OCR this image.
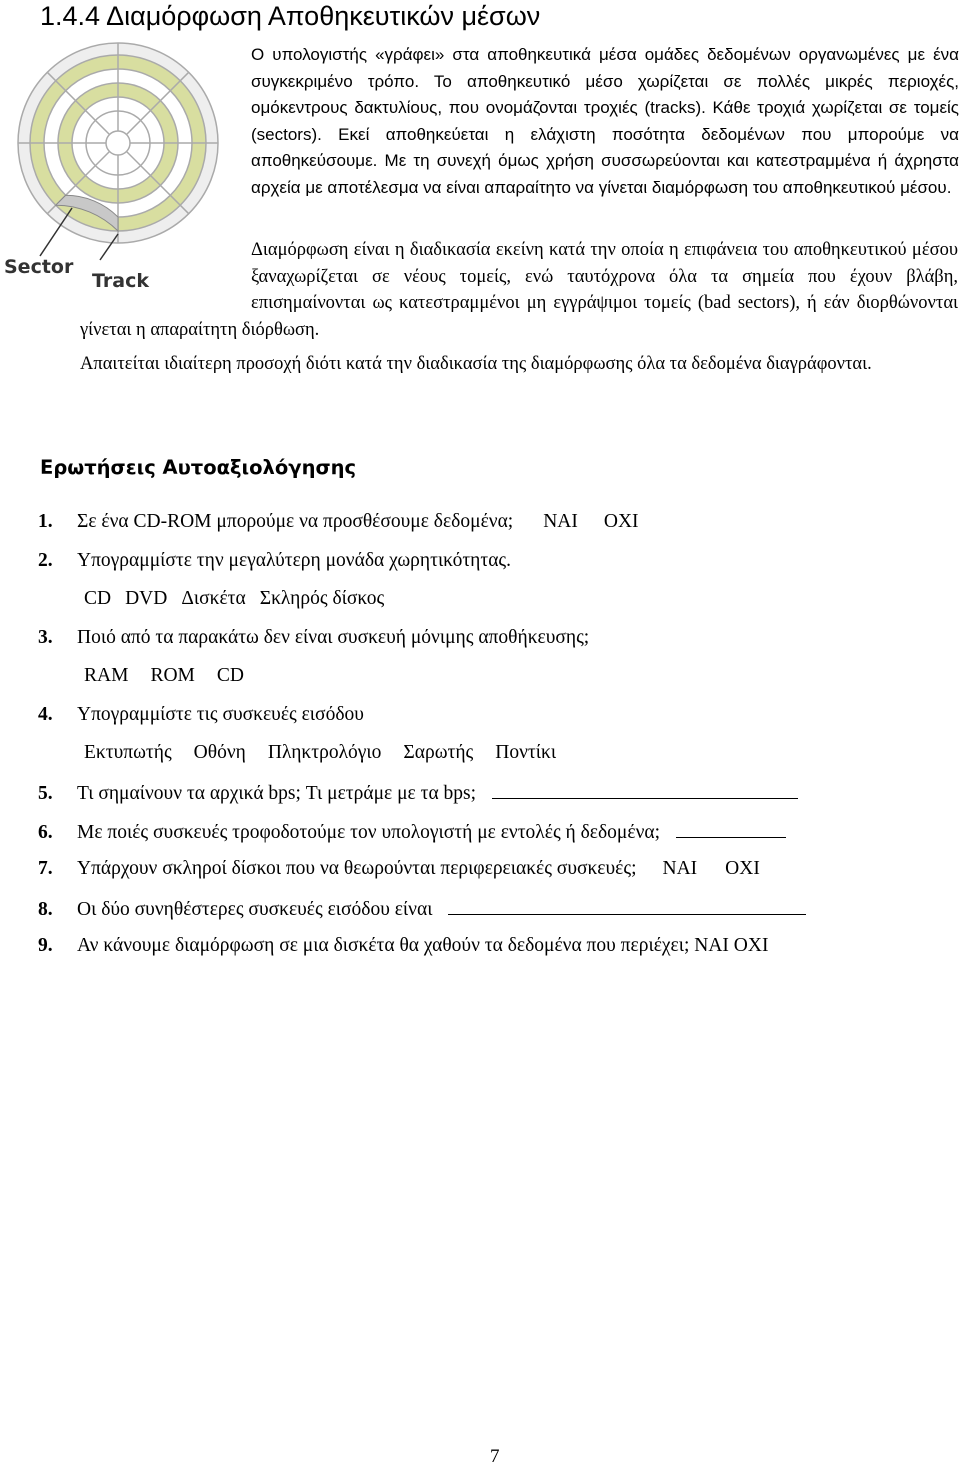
1.4.4 Διαμόρφωση Αποθηκευτικών μέσων
Sector
Track

Ο υπολογιστής «γράφει» στα αποθηκευτικά μέσα ομάδες δεδομένων οργανωμένες με ένα συγκεκριμένο τρόπο. Το αποθηκευτικό μέσο χωρίζεται σε πολλές μικρές περιοχές, ομόκεντρους δακτυλίους, που ονομάζονται τροχιές (tracks). Κάθε τροχιά χωρίζεται σε τομείς (sectors). Εκεί αποθηκεύεται η ελάχιστη ποσότητα δεδομένων που μπορούμε να αποθηκεύσουμε. Με τη συνεχή όμως χρήση συσσωρεύονται και κατεστραμμένα ή άχρηστα αρχεία με αποτέλεσμα να είναι απαραίτητο να γίνεται διαμόρφωση του αποθηκευτικού μέσου.

Διαμόρφωση είναι η διαδικασία εκείνη κατά την οποία η επιφάνεια του αποθηκευτικού μέσου ξαναχωρίζεται σε νέους τομείς, ενώ ταυτόχρονα όλα τα σημεία που έχουν βλάβη, επισημαίνονται ως κατεστραμμένοι μη εγγράψιμοι τομείς (bad sectors), ή εάν διορθώνονται γίνεται η απαραίτητη διόρθωση.

Απαιτείται ιδιαίτερη προσοχή διότι κατά την διαδικασία της διαμόρφωσης όλα τα δεδομένα διαγράφονται.

Ερωτήσεις Αυτοαξιολόγησης
1. Σε ένα CD-ROM μπορούμε να προσθέσουμε δεδομένα; ΝΑΙ ΟΧΙ
2. Υπογραμμίστε την μεγαλύτερη μονάδα χωρητικότητας.
CD DVD Δισκέτα Σκληρός δίσκος
3. Ποιό από τα παρακάτω δεν είναι συσκευή μόνιμης αποθήκευσης;
RAM ROM CD
4. Υπογραμμίστε τις συσκευές εισόδου
Εκτυπωτής Οθόνη Πληκτρολόγιο Σαρωτής Ποντίκι
5. Τι σημαίνουν τα αρχικά bps; Τι μετράμε με τα bps;
6. Με ποιές συσκευές τροφοδοτούμε τον υπολογιστή με εντολές ή δεδομένα;
7. Υπάρχουν σκληροί δίσκοι που να θεωρούνται περιφερειακές συσκευές; ΝΑΙ ΟΧΙ
8. Οι δύο συνηθέστερες συσκευές εισόδου είναι
9. Αν κάνουμε διαμόρφωση σε μια δισκέτα θα χαθούν τα δεδομένα που περιέχει; ΝΑΙ ΟΧΙ
7
